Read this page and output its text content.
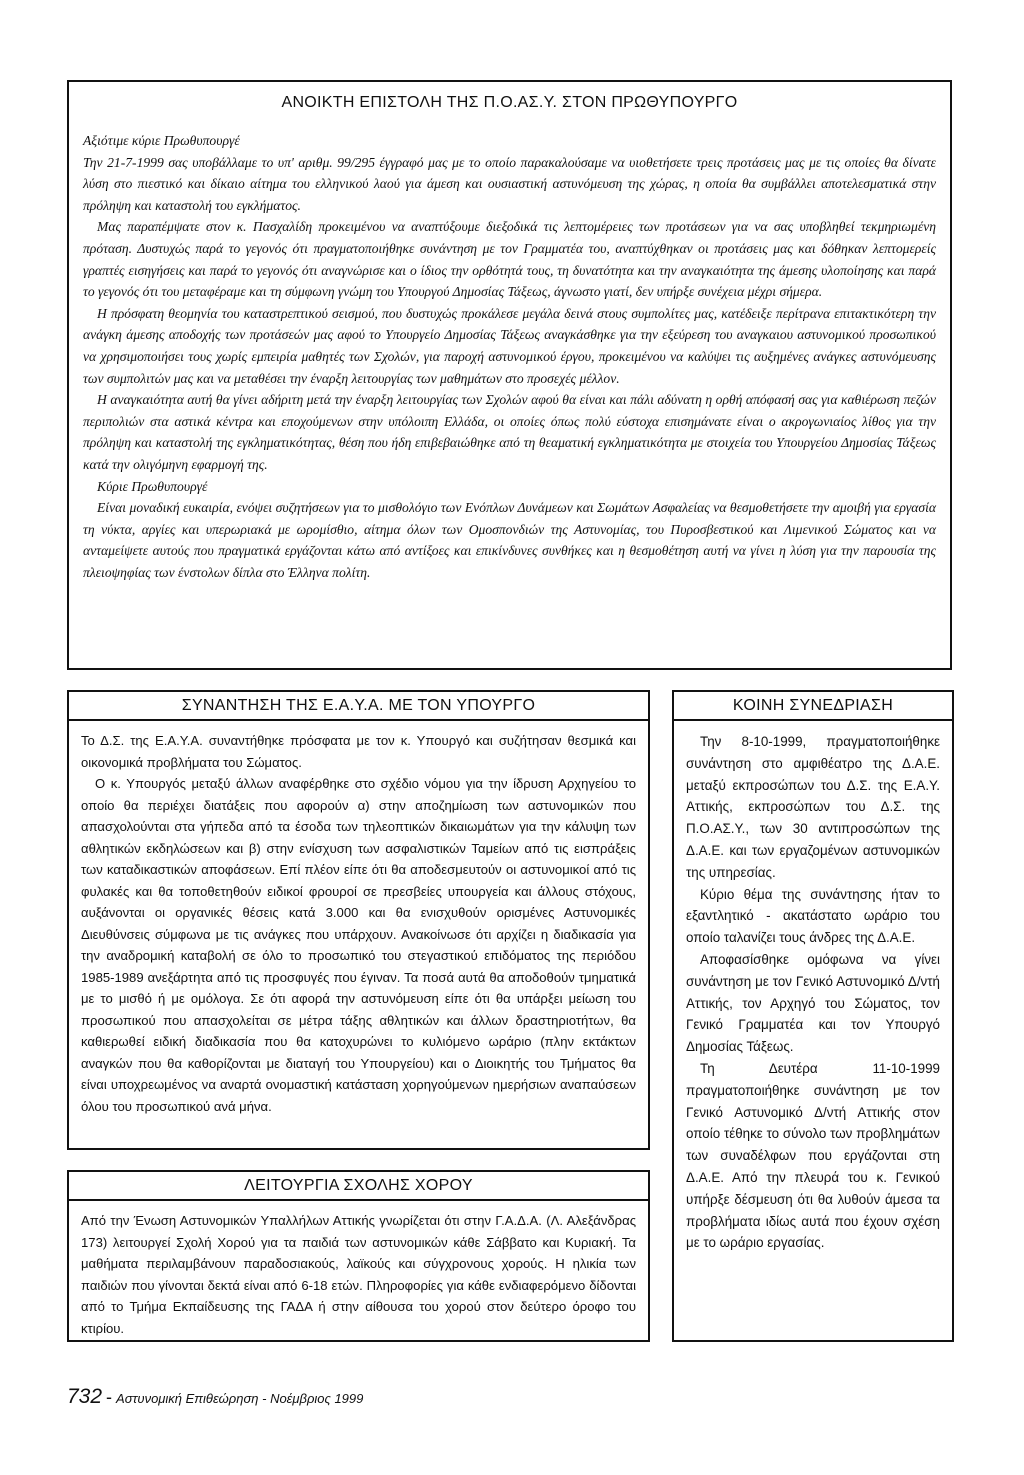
ΑΝΟΙΚΤΗ ΕΠΙΣΤΟΛΗ ΤΗΣ Π.Ο.ΑΣ.Υ. ΣΤΟΝ ΠΡΩΘΥΠΟΥΡΓΟ

Αξιότιμε κύριε Πρωθυπουργέ

Την 21-7-1999 σας υποβάλλαμε το υπ' αριθμ. 99/295 έγγραφό μας με το οποίο παρακαλούσαμε να υιοθετήσετε τρεις προτάσεις μας με τις οποίες θα δίνατε λύση στο πιεστικό και δίκαιο αίτημα του ελληνικού λαού για άμεση και ουσιαστική αστυνόμευση της χώρας, η οποία θα συμβάλλει αποτελεσματικά στην πρόληψη και καταστολή του εγκλήματος.

Μας παραπέμψατε στον κ. Πασχαλίδη προκειμένου να αναπτύξουμε διεξοδικά τις λεπτομέρειες των προτάσεων για να σας υποβληθεί τεκμηριωμένη πρόταση. Δυστυχώς παρά το γεγονός ότι πραγματοποιήθηκε συνάντηση με τον Γραμματέα του, αναπτύχθηκαν οι προτάσεις μας και δόθηκαν λεπτομερείς γραπτές εισηγήσεις και παρά το γεγονός ότι αναγνώρισε και ο ίδιος την ορθότητά τους, τη δυνατότητα και την αναγκαιότητα της άμεσης υλοποίησης και παρά το γεγονός ότι του μεταφέραμε και τη σύμφωνη γνώμη του Υπουργού Δημοσίας Τάξεως, άγνωστο γιατί, δεν υπήρξε συνέχεια μέχρι σήμερα.

Η πρόσφατη θεομηνία του καταστρεπτικού σεισμού, που δυστυχώς προκάλεσε μεγάλα δεινά στους συμπολίτες μας, κατέδειξε περίτρανα επιτακτικότερη την ανάγκη άμεσης αποδοχής των προτάσεών μας αφού το Υπουργείο Δημοσίας Τάξεως αναγκάσθηκε για την εξεύρεση του αναγκαιου αστυνομικού προσωπικού να χρησιμοποιήσει τους χωρίς εμπειρία μαθητές των Σχολών, για παροχή αστυνομικού έργου, προκειμένου να καλύψει τις αυξημένες ανάγκες αστυνόμευσης των συμπολιτών μας και να μεταθέσει την έναρξη λειτουργίας των μαθημάτων στο προσεχές μέλλον.

Η αναγκαιότητα αυτή θα γίνει αδήριτη μετά την έναρξη λειτουργίας των Σχολών αφού θα είναι και πάλι αδύνατη η ορθή απόφασή σας για καθιέρωση πεζών περιπολιών στα αστικά κέντρα και εποχούμενων στην υπόλοιπη Ελλάδα, οι οποίες όπως πολύ εύστοχα επισημάνατε είναι ο ακρογωνιαίος λίθος για την πρόληψη και καταστολή της εγκληματικότητας, θέση που ήδη επιβεβαιώθηκε από τη θεαματική εγκληματικότητα με στοιχεία του Υπουργείου Δημοσίας Τάξεως κατά την ολιγόμηνη εφαρμογή της.

Κύριε Πρωθυπουργέ

Είναι μοναδική ευκαιρία, ενόψει συζητήσεων για το μισθολόγιο των Ενόπλων Δυνάμεων και Σωμάτων Ασφαλείας να θεσμοθετήσετε την αμοιβή για εργασία τη νύκτα, αργίες και υπερωριακά με ωρομίσθιο, αίτημα όλων των Ομοσπονδιών της Αστυνομίας, του Πυροσβεστικού και Λιμενικού Σώματος και να ανταμείψετε αυτούς που πραγματικά εργάζονται κάτω από αντίξοες και επικίνδυνες συνθήκες και η θεσμοθέτηση αυτή να γίνει η λύση για την παρουσία της πλειοψηφίας των ένστολων δίπλα στο Έλληνα πολίτη.

ΣΥΝΑΝΤΗΣΗ ΤΗΣ Ε.Α.Υ.Α. ΜΕ ΤΟΝ ΥΠΟΥΡΓΟ

Το Δ.Σ. της Ε.Α.Υ.Α. συναντήθηκε πρόσφατα με τον κ. Υπουργό και συζήτησαν θεσμικά και οικονομικά προβλήματα του Σώματος.

Ο κ. Υπουργός μεταξύ άλλων αναφέρθηκε στο σχέδιο νόμου για την ίδρυση Αρχηγείου το οποίο θα περιέχει διατάξεις που αφορούν α) στην αποζημίωση των αστυνομικών που απασχολούνται στα γήπεδα από τα έσοδα των τηλεοπτικών δικαιωμάτων για την κάλυψη των αθλητικών εκδηλώσεων και β) στην ενίσχυση των ασφαλιστικών Ταμείων από τις εισπράξεις των καταδικαστικών αποφάσεων. Επί πλέον είπε ότι θα αποδεσμευτούν οι αστυνομικοί από τις φυλακές και θα τοποθετηθούν ειδικοί φρουροί σε πρεσβείες υπουργεία και άλλους στόχους, αυξάνονται οι οργανικές θέσεις κατά 3.000 και θα ενισχυθούν ορισμένες Αστυνομικές Διευθύνσεις σύμφωνα με τις ανάγκες που υπάρχουν. Ανακοίνωσε ότι αρχίζει η διαδικασία για την αναδρομική καταβολή σε όλο το προσωπικό του στεγαστικού επιδόματος της περιόδου 1985-1989 ανεξάρτητα από τις προσφυγές που έγιναν. Τα ποσά αυτά θα αποδοθούν τμηματικά με το μισθό ή με ομόλογα. Σε ότι αφορά την αστυνόμευση είπε ότι θα υπάρξει μείωση του προσωπικού που απασχολείται σε μέτρα τάξης αθλητικών και άλλων δραστηριοτήτων, θα καθιερωθεί ειδική διαδικασία που θα κατοχυρώνει το κυλιόμενο ωράριο (πλην εκτάκτων αναγκών που θα καθορίζονται με διαταγή του Υπουργείου) και ο Διοικητής του Τμήματος θα είναι υποχρεωμένος να αναρτά ονομαστική κατάσταση χορηγούμενων ημερήσιων αναπαύσεων όλου του προσωπικού ανά μήνα.

ΛΕΙΤΟΥΡΓΙΑ ΣΧΟΛΗΣ ΧΟΡΟΥ

Από την Ένωση Αστυνομικών Υπαλλήλων Αττικής γνωρίζεται ότι στην Γ.Α.Δ.Α. (Λ. Αλεξάνδρας 173) λειτουργεί Σχολή Χορού για τα παιδιά των αστυνομικών κάθε Σάββατο και Κυριακή. Τα μαθήματα περιλαμβάνουν παραδοσιακούς, λαϊκούς και σύγχρονους χορούς. Η ηλικία των παιδιών που γίνονται δεκτά είναι από 6-18 ετών. Πληροφορίες για κάθε ενδιαφερόμενο δίδονται από το Τμήμα Εκπαίδευσης της ΓΑΔΑ ή στην αίθουσα του χορού στον δεύτερο όροφο του κτιρίου.

ΚΟΙΝΗ ΣΥΝΕΔΡΙΑΣΗ

Την 8-10-1999, πραγματοποιήθηκε συνάντηση στο αμφιθέατρο της Δ.Α.Ε. μεταξύ εκπροσώπων του Δ.Σ. της Ε.Α.Υ. Αττικής, εκπροσώπων του Δ.Σ. της Π.Ο.ΑΣ.Υ., των 30 αντιπροσώπων της Δ.Α.Ε. και των εργαζομένων αστυνομικών της υπηρεσίας.

Κύριο θέμα της συνάντησης ήταν το εξαντλητικό - ακατάστατο ωράριο του οποίο ταλανίζει τους άνδρες της Δ.Α.Ε.

Αποφασίσθηκε ομόφωνα να γίνει συνάντηση με τον Γενικό Αστυνομικό Δ/ντή Αττικής, τον Αρχηγό του Σώματος, τον Γενικό Γραμματέα και τον Υπουργό Δημοσίας Τάξεως.

Τη Δευτέρα 11-10-1999 πραγματοποιήθηκε συνάντηση με τον Γενικό Αστυνομικό Δ/ντή Αττικής στον οποίο τέθηκε το σύνολο των προβλημάτων των συναδέλφων που εργάζονται στη Δ.Α.Ε. Από την πλευρά του κ. Γενικού υπήρξε δέσμευση ότι θα λυθούν άμεσα τα προβλήματα ιδίως αυτά που έχουν σχέση με το ωράριο εργασίας.

732 - Αστυνομική Επιθεώρηση - Νοέμβριος 1999
